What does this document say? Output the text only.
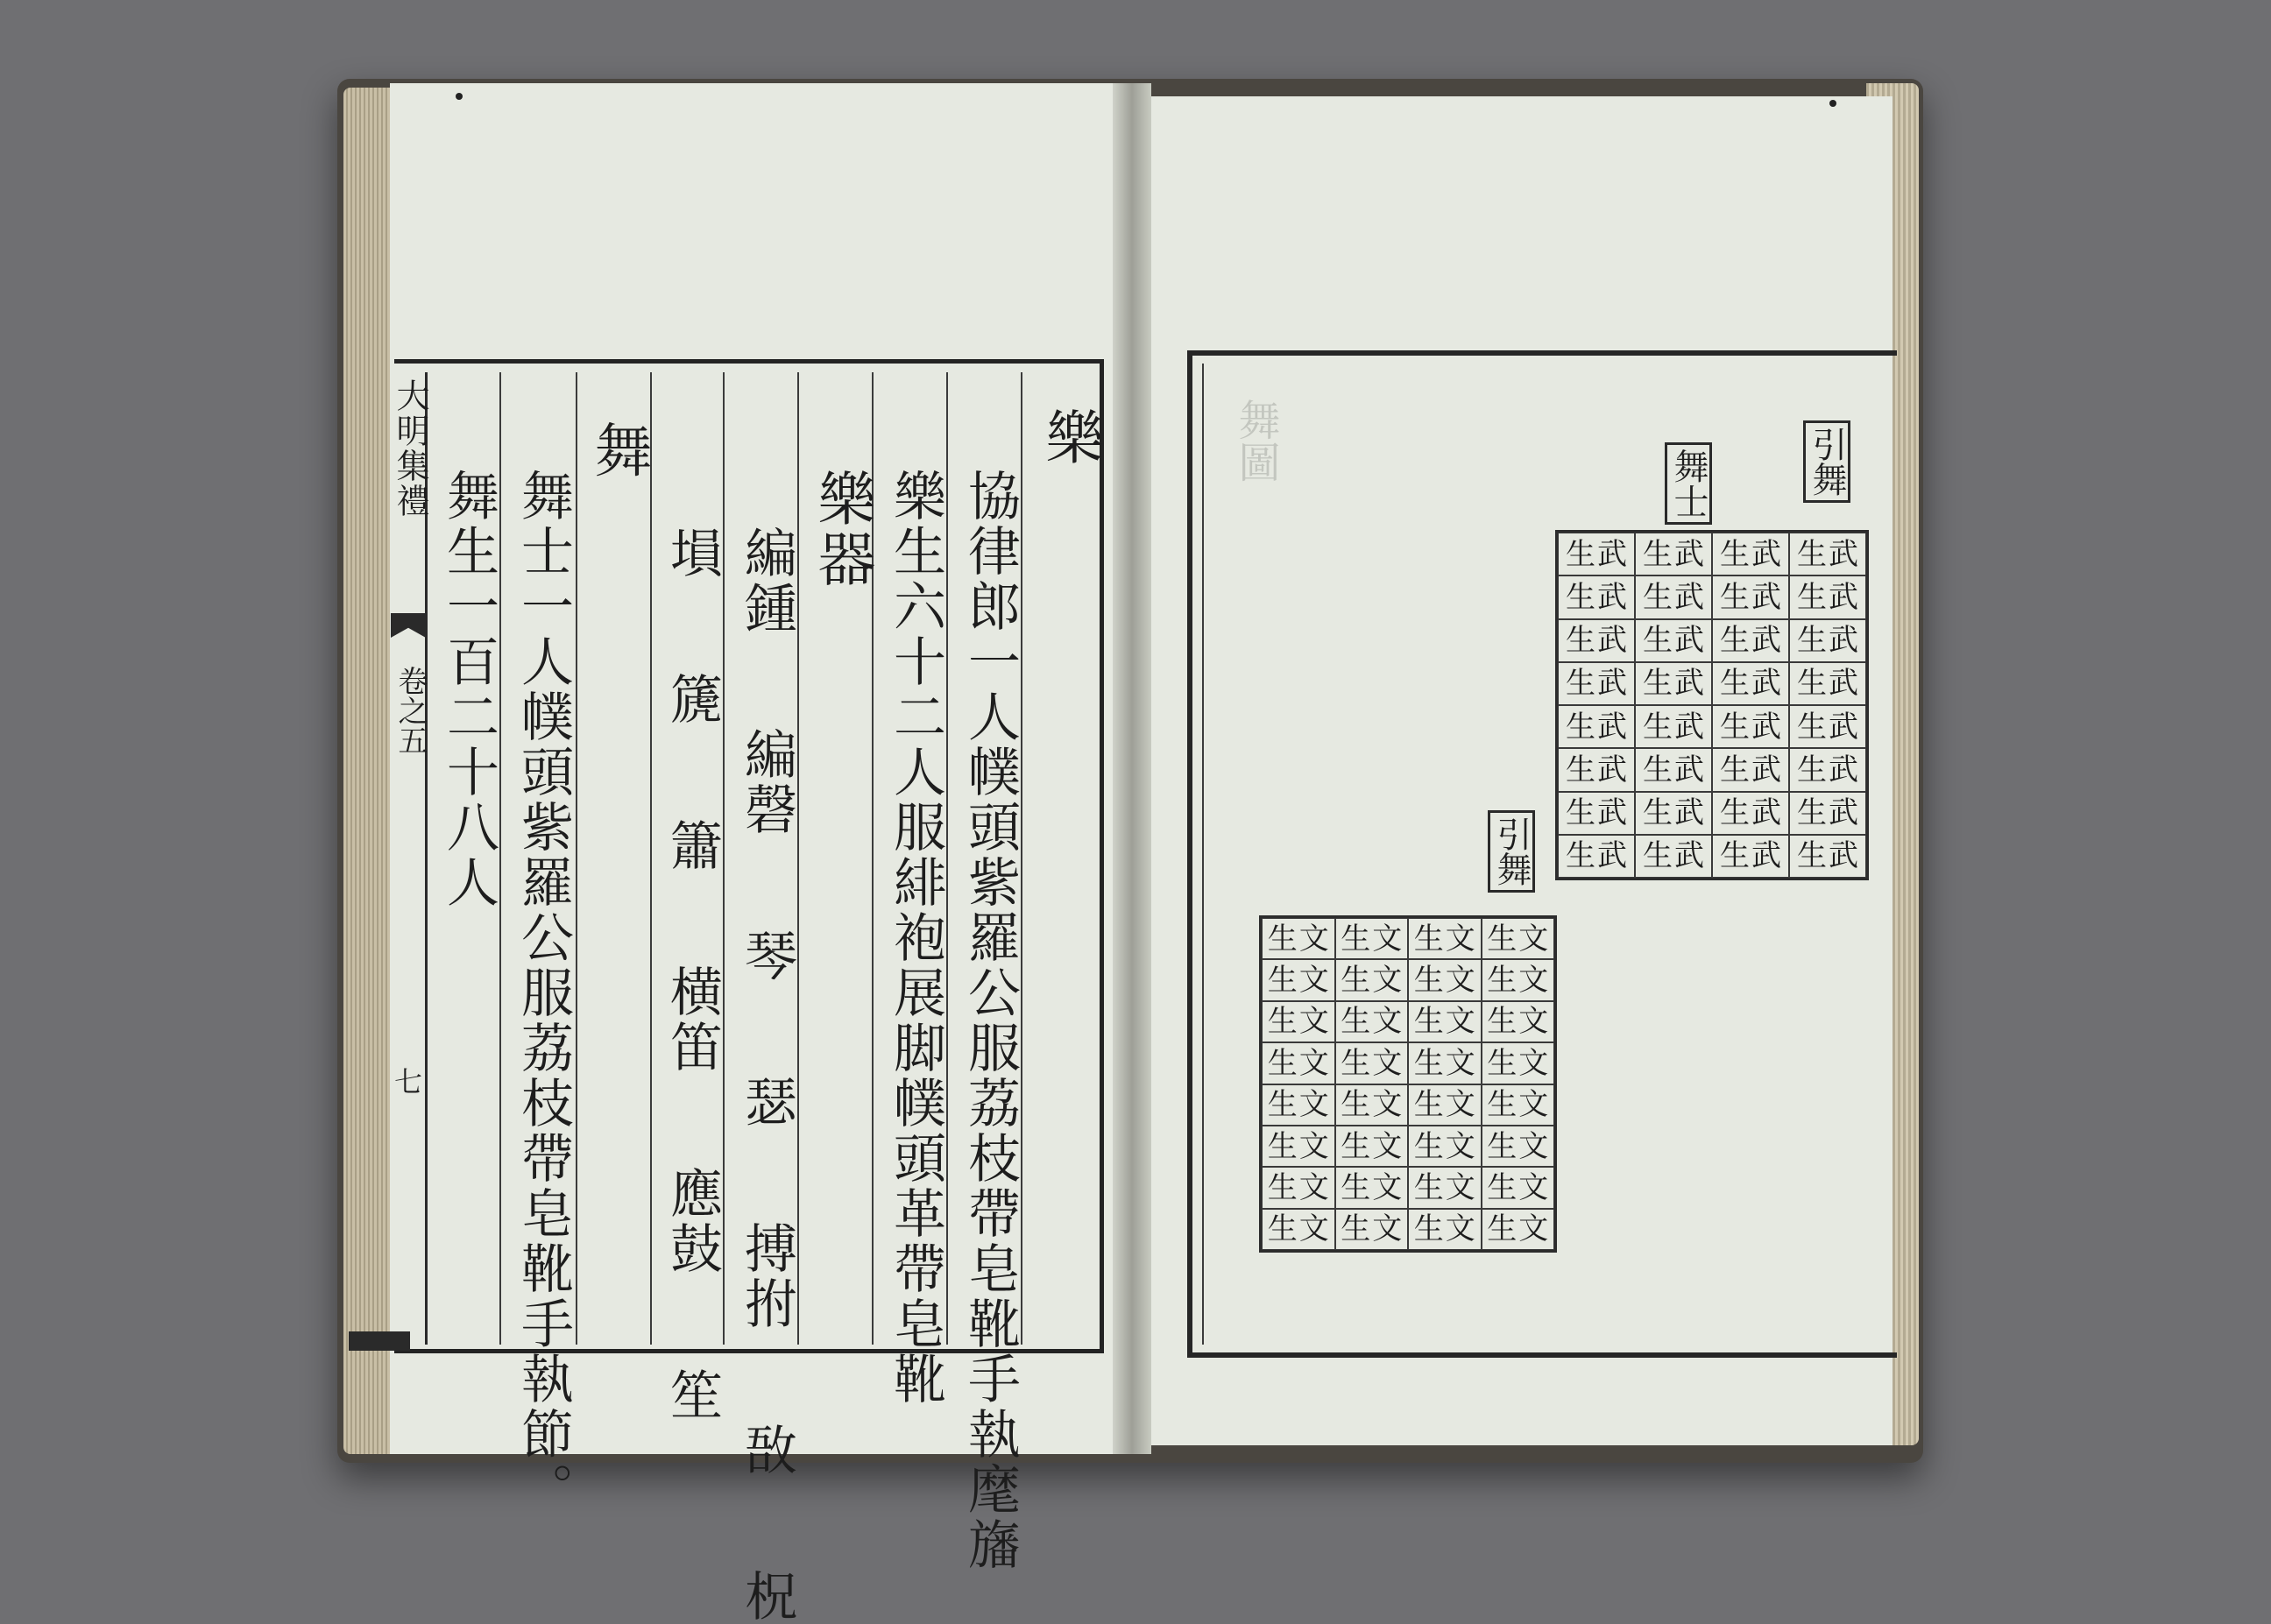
大明集禮
卷之五
七
樂
協律郎一人幞頭紫羅公服荔枝帶皂靴手執麾旛
樂生六十二人服緋袍展脚幞頭革帶皂靴
樂器
編鍾 編磬 琴 瑟 搏拊 敔 柷
塤 篪 簫 横笛 應鼓 笙
舞
舞士一人幞頭紫羅公服荔枝帶皂靴手執節。
舞生一百二十八人
舞圖	引舞
舞士
引舞
生 武 生 武 生 武 生 武
生 武 生 武 生 武 生 武
生 武 生 武 生 武 生 武
生 武 生 武 生 武 生 武
生 武 生 武 生 武 生 武
生 武 生 武 生 武 生 武
生 武 生 武 生 武 生 武
生 武 生 武 生 武 生 武
生 文 生 文 生 文 生 文
生 文 生 文 生 文 生 文
生 文 生 文 生 文 生 文
生 文 生 文 生 文 生 文
生 文 生 文 生 文 生 文
生 文 生 文 生 文 生 文
生 文 生 文 生 文 生 文
生 文 生 文 生 文 生 文
